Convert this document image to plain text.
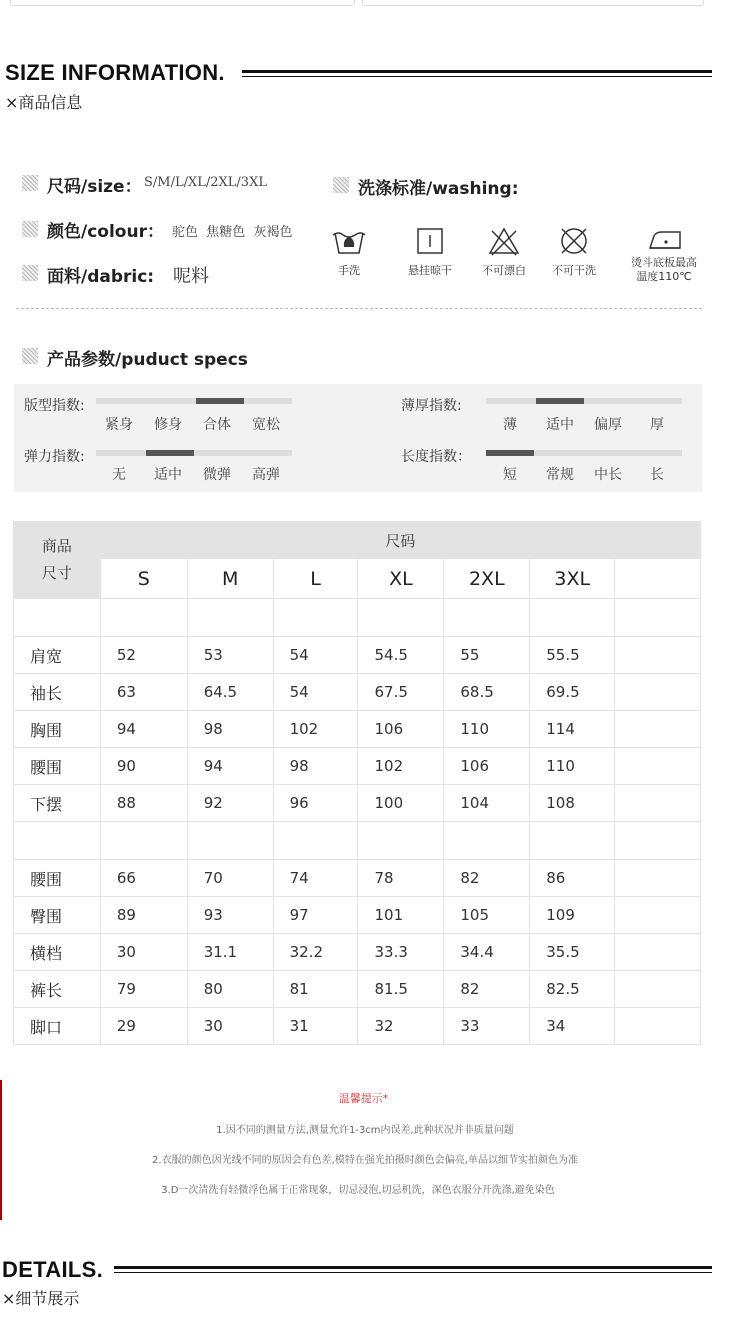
SIZE INFORMATION.
×商品信息
尺码/size： S/M/L/XL/2XL/3XL	洗涤标准/washing:
颜色/colour： 驼色  焦糖色  灰褐色
面料/dabric: 呢料	手洗	悬挂晾干	不可漂白	不可干洗
烫斗底板最高
温度110℃
产品参数/puduct specs
版型指数:
紧身	修身	合体	宽松
弹力指数:
无	适中	微弹	高弹
薄厚指数:
薄	适中	偏厚	厚
长度指数：
短	常规	中长	长
商品
尺寸	尺码						
	S	M	L	XL	2XL	3XL	

肩宽	52	53	54	54.5	55	55.5	
袖长	63	64.5	54	67.5	68.5	69.5	
胸围	94	98	102	106	110	114	
腰围	90	94	98	102	106	110	
下摆	88	92	96	100	104	108	

腰围	66	70	74	78	82	86	
臀围	89	93	97	101	105	109	
横档	30	31.1	32.2	33.3	34.4	35.5	
裤长	79	80	81	81.5	82	82.5	
脚口	29	30	31	32	33	34	
温馨提示*
1.因不同的测量方法,测量允许1-3cm内误差,此种状况并非质量问题
2.衣服的颜色因光线不同的原因会有色差,模特在强光拍摄时颜色会偏亮,单品以细节实拍颜色为准
3.D一次清洗有轻微浮色属于正常现象，切忌浸泡,切忌机洗，深色衣服分开洗涤,避免染色
DETAILS.
×细节展示
